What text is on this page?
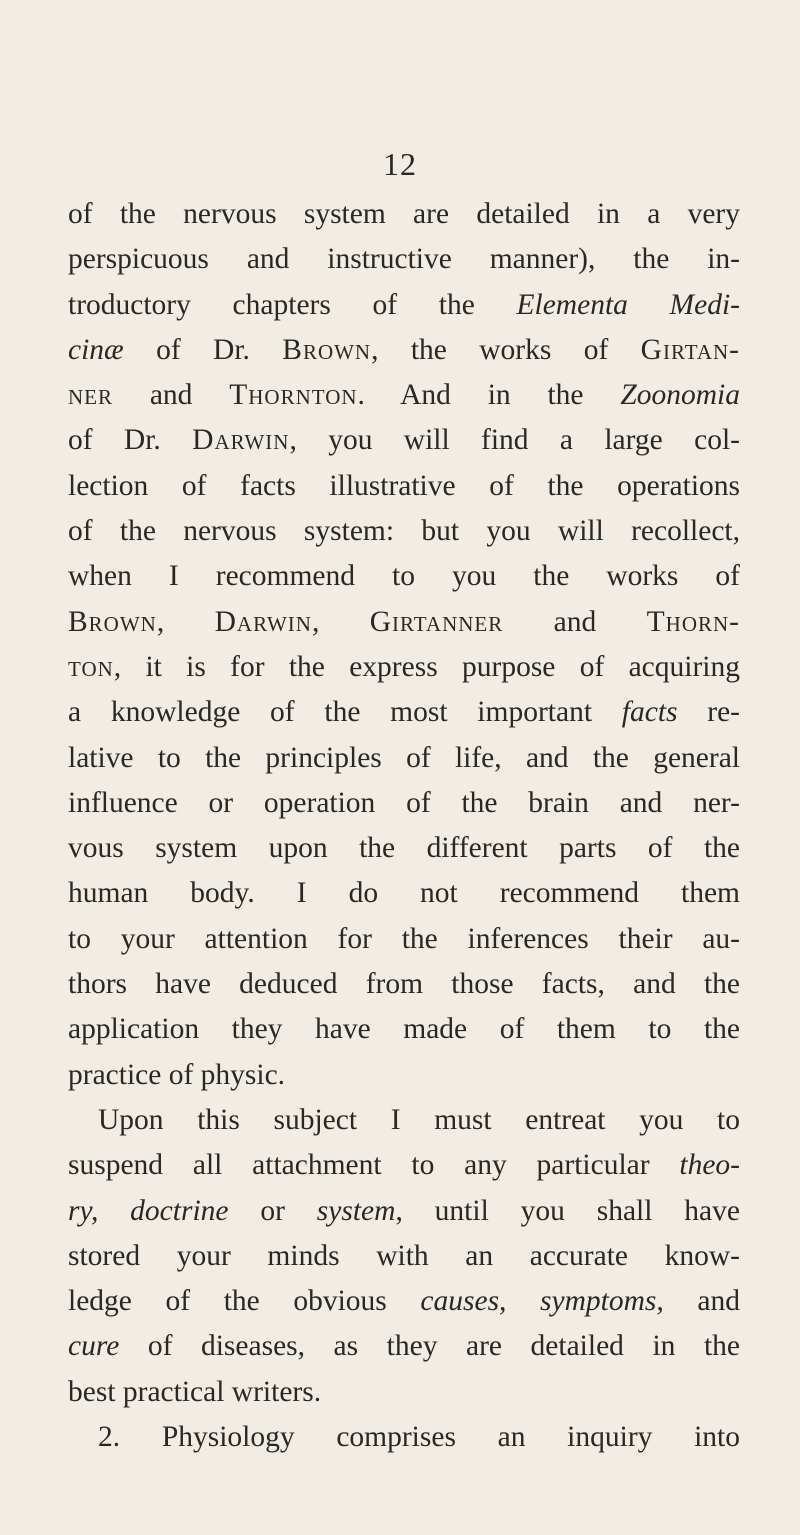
12
of the nervous system are detailed in a very
perspicuous and instructive manner), the in-
troductory chapters of the Elementa Medi-
cinæ of Dr. Brown, the works of Girtan-
ner and Thornton. And in the Zoonomia
of Dr. Darwin, you will find a large col-
lection of facts illustrative of the operations
of the nervous system: but you will recollect,
when I recommend to you the works of
Brown, Darwin, Girtanner and Thorn-
ton, it is for the express purpose of acquiring
a knowledge of the most important facts re-
lative to the principles of life, and the general
influence or operation of the brain and ner-
vous system upon the different parts of the
human body. I do not recommend them
to your attention for the inferences their au-
thors have deduced from those facts, and the
application they have made of them to the
practice of physic.
Upon this subject I must entreat you to
suspend all attachment to any particular theo-
ry, doctrine or system, until you shall have
stored your minds with an accurate know-
ledge of the obvious causes, symptoms, and
cure of diseases, as they are detailed in the
best practical writers.
2. Physiology comprises an inquiry into
